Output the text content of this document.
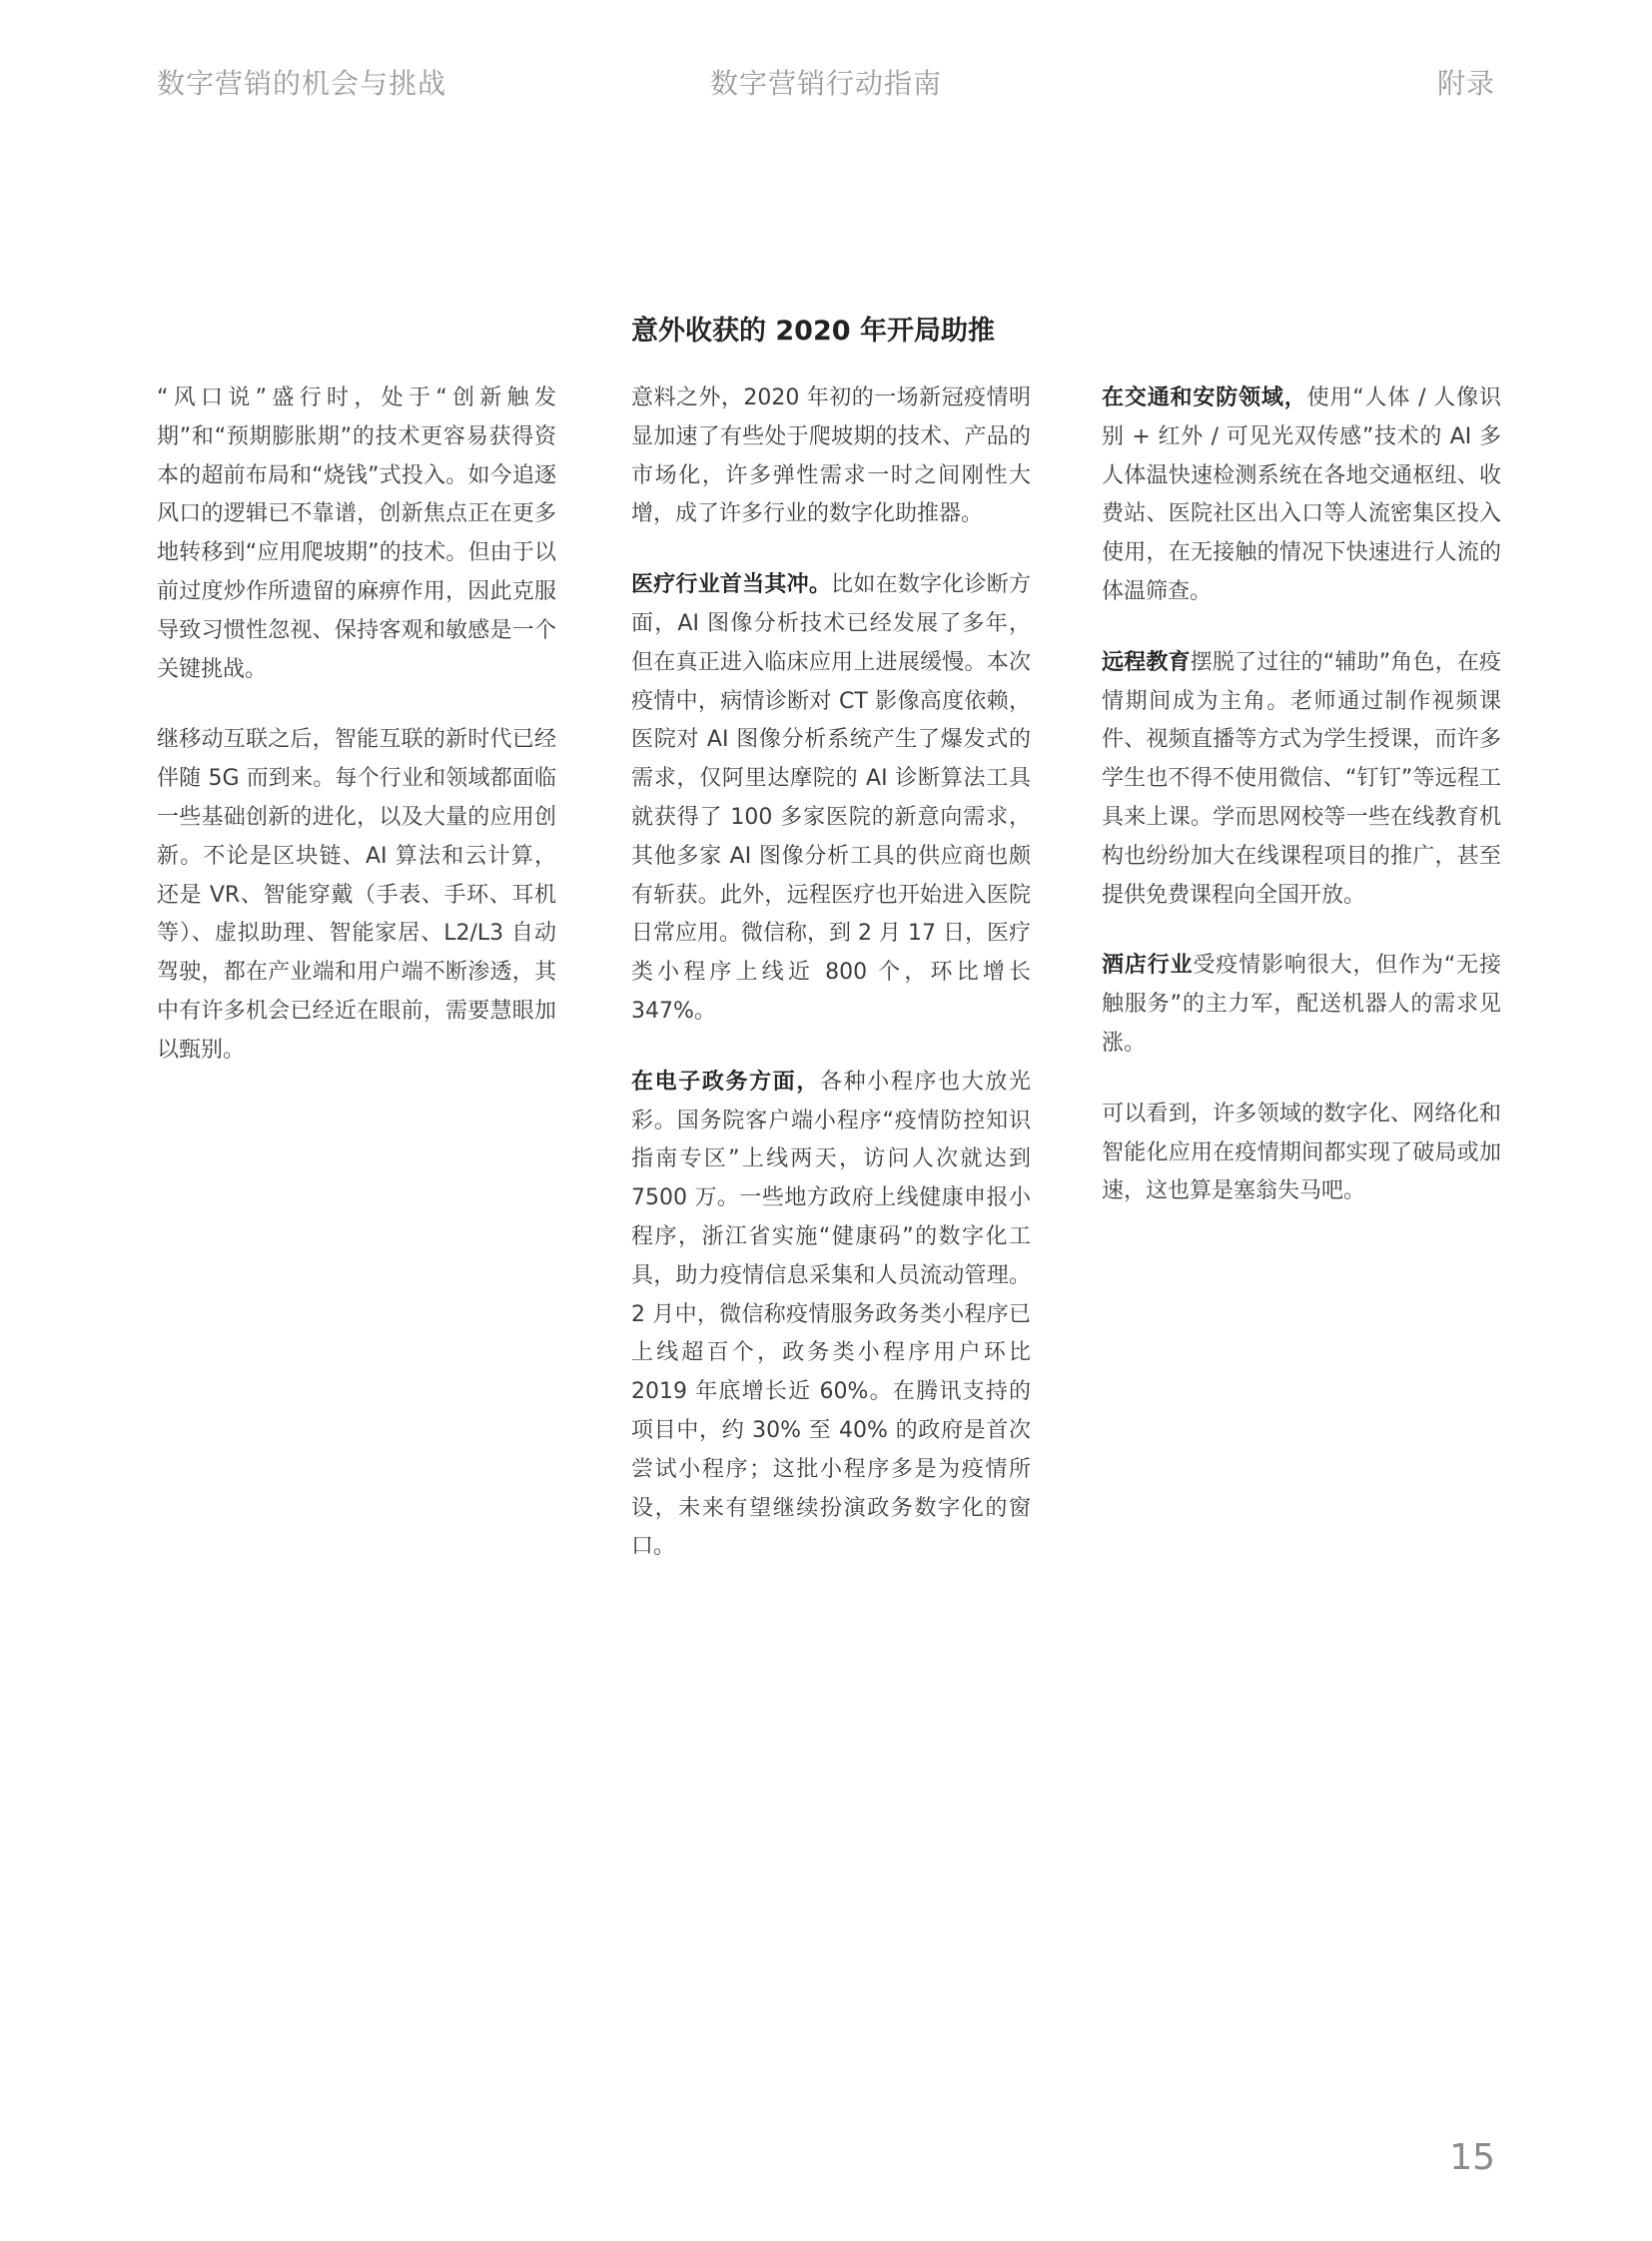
数字营销的机会与挑战	数字营销行动指南	附录
意外收获的 2020 年开局助推

“风口说”盛行时，处于“创新触发期”和“预期膨胀期”的技术更容易获得资本的超前布局和“烧钱”式投入。如今追逐风口的逻辑已不靠谱，创新焦点正在更多地转移到“应用爬坡期”的技术。但由于以前过度炒作所遗留的麻痹作用，因此克服导致习惯性忽视、保持客观和敏感是一个关键挑战。

继移动互联之后，智能互联的新时代已经伴随 5G 而到来。每个行业和领域都面临一些基础创新的进化，以及大量的应用创新。不论是区块链、AI 算法和云计算，还是 VR、智能穿戴（手表、手环、耳机等）、虚拟助理、智能家居、L2/L3 自动驾驶，都在产业端和用户端不断渗透，其中有许多机会已经近在眼前，需要慧眼加以甄别。

意料之外，2020 年初的一场新冠疫情明显加速了有些处于爬坡期的技术、产品的市场化，许多弹性需求一时之间刚性大增，成了许多行业的数字化助推器。

医疗行业首当其冲。比如在数字化诊断方面，AI 图像分析技术已经发展了多年，但在真正进入临床应用上进展缓慢。本次疫情中，病情诊断对 CT 影像高度依赖，医院对 AI 图像分析系统产生了爆发式的需求，仅阿里达摩院的 AI 诊断算法工具就获得了 100 多家医院的新意向需求，其他多家 AI 图像分析工具的供应商也颇有斩获。此外，远程医疗也开始进入医院日常应用。微信称，到 2 月 17 日，医疗类小程序上线近 800 个，环比增长 347%。

在电子政务方面，各种小程序也大放光彩。国务院客户端小程序“疫情防控知识指南专区”上线两天，访问人次就达到 7500 万。一些地方政府上线健康申报小程序，浙江省实施“健康码”的数字化工具，助力疫情信息采集和人员流动管理。2 月中，微信称疫情服务政务类小程序已上线超百个，政务类小程序用户环比 2019 年底增长近 60%。在腾讯支持的项目中，约 30% 至 40% 的政府是首次尝试小程序；这批小程序多是为疫情所设，未来有望继续扮演政务数字化的窗口。

在交通和安防领域，使用“人体 / 人像识别 + 红外 / 可见光双传感”技术的 AI 多人体温快速检测系统在各地交通枢纽、收费站、医院社区出入口等人流密集区投入使用，在无接触的情况下快速进行人流的体温筛查。

远程教育摆脱了过往的“辅助”角色，在疫情期间成为主角。老师通过制作视频课件、视频直播等方式为学生授课，而许多学生也不得不使用微信、“钉钉”等远程工具来上课。学而思网校等一些在线教育机构也纷纷加大在线课程项目的推广，甚至提供免费课程向全国开放。

酒店行业受疫情影响很大，但作为“无接触服务”的主力军，配送机器人的需求见涨。

可以看到，许多领域的数字化、网络化和智能化应用在疫情期间都实现了破局或加速，这也算是塞翁失马吧。

15
